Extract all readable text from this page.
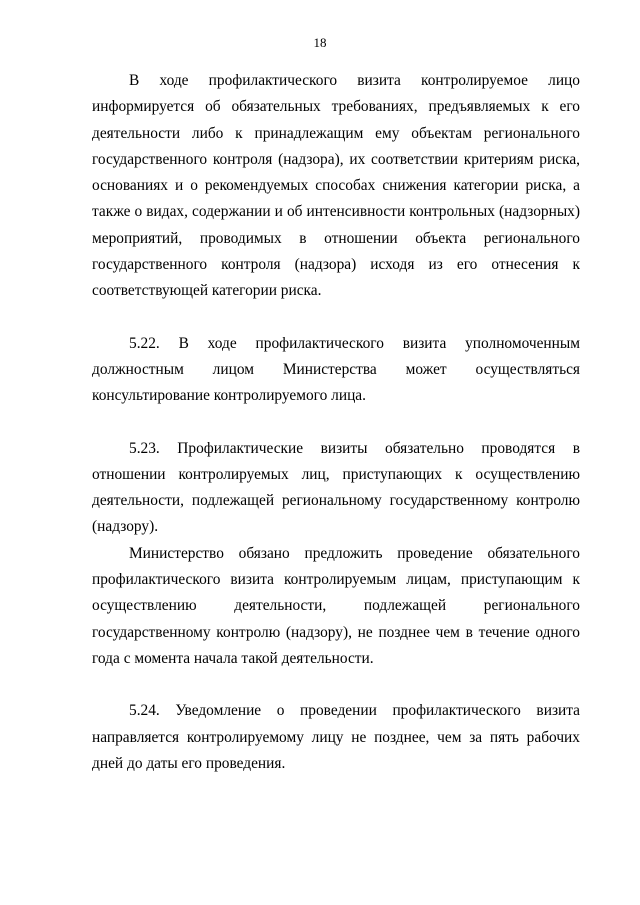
18

В ходе профилактического визита контролируемое лицо информируется об обязательных требованиях, предъявляемых к его деятельности либо к принадлежащим ему объектам регионального государственного контроля (надзора), их соответствии критериям риска, основаниях и о рекомендуемых способах снижения категории риска, а также о видах, содержании и об интенсивности контрольных (надзорных) мероприятий, проводимых в отношении объекта регионального государственного контроля (надзора) исходя из его отнесения к соответствующей категории риска.

5.22. В ходе профилактического визита уполномоченным должностным лицом Министерства может осуществляться консультирование контролируемого лица.

5.23. Профилактические визиты обязательно проводятся в отношении контролируемых лиц, приступающих к осуществлению деятельности, подлежащей региональному государственному контролю (надзору).

Министерство обязано предложить проведение обязательного профилактического визита контролируемым лицам, приступающим к осуществлению деятельности, подлежащей регионального государственному контролю (надзору), не позднее чем в течение одного года с момента начала такой деятельности.

5.24. Уведомление о проведении профилактического визита направляется контролируемому лицу не позднее, чем за пять рабочих дней до даты его проведения.
